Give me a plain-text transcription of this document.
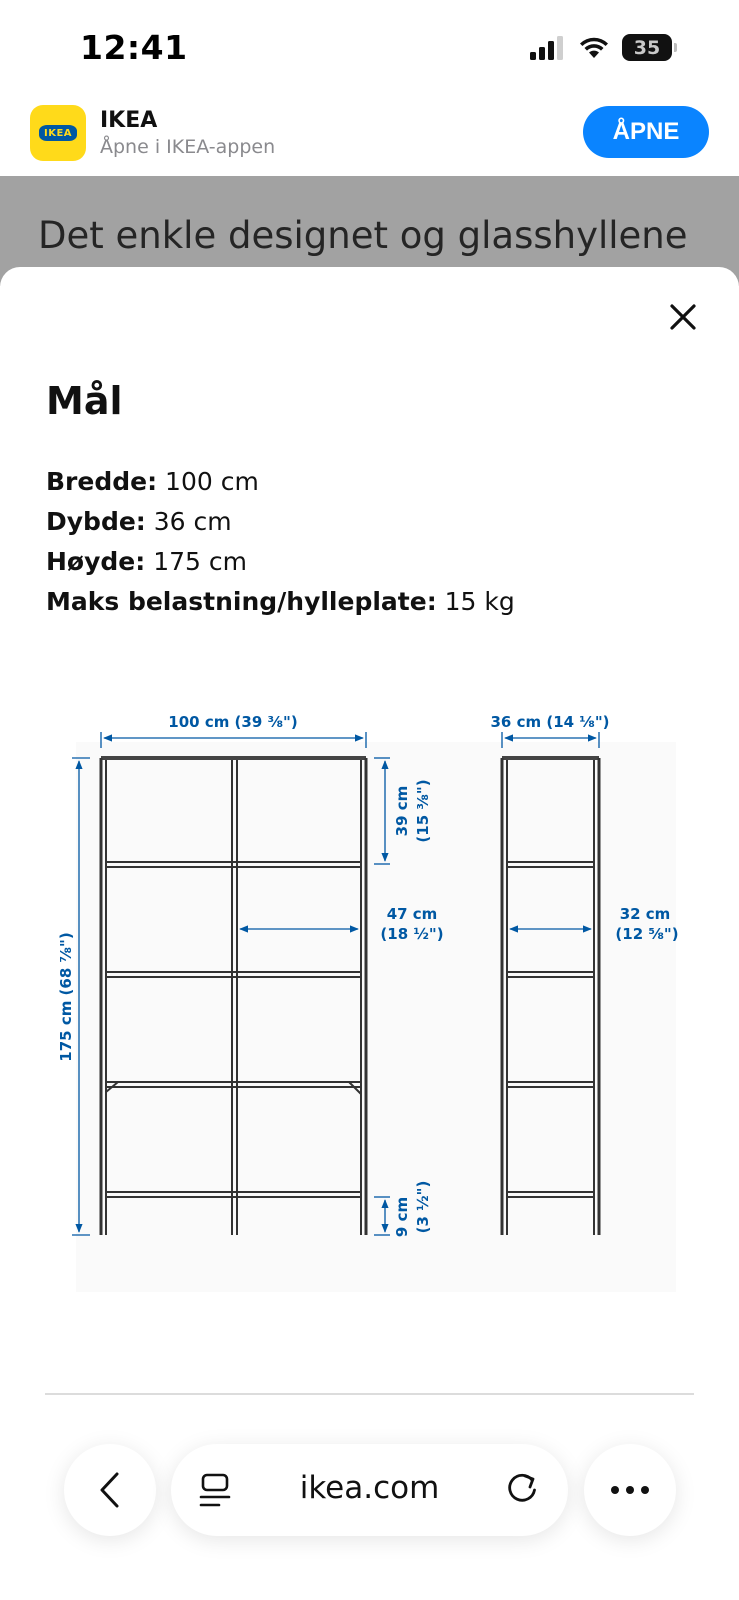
12:41	35
IKEA IKEA
Åpne i IKEA-appen
ÅPNE
Det enkle designet og glasshyllene
Mål
Bredde: 100 cm
Dybde: 36 cm
Høyde: 175 cm
Maks belastning/hylleplate: 15 kg
100 cm (39 ⅜")	36 cm (14 ⅛")
175 cm (68 ⅞")
39 cm (15 ⅜")
47 cm
(18 ½")
32 cm
(12 ⅝")
9 cm (3 ½")
ikea.com
